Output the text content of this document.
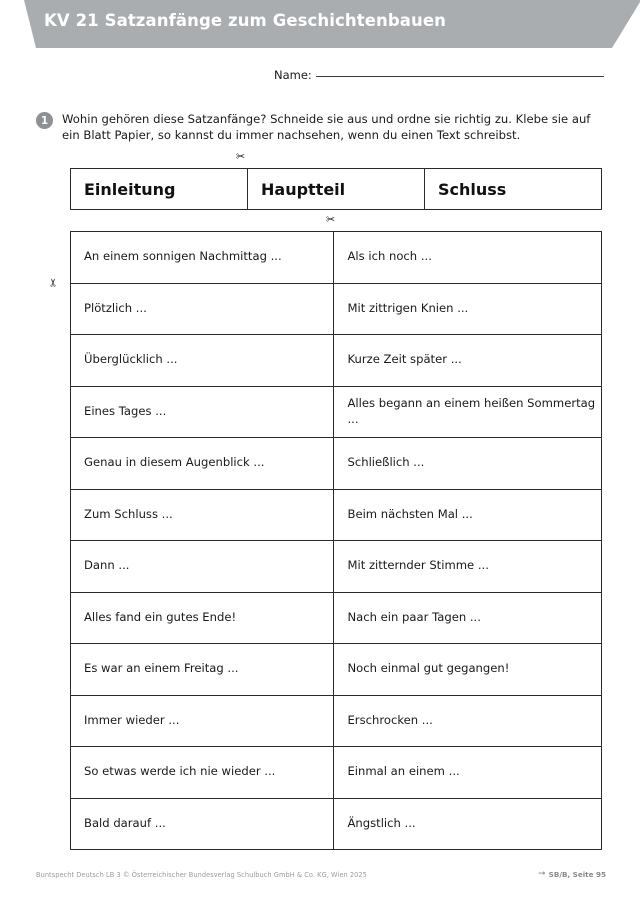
KV 21 Satzanfänge zum Geschichtenbauen
Name:
1	Wohin gehören diese Satzanfänge? Schneide sie aus und ordne sie richtig zu. Klebe sie auf ein Blatt Papier, so kannst du immer nachsehen, wenn du einen Text schreibst.
✂
✂
✂
Einleitung	Hauptteil	Schluss
An einem sonnigen Nachmittag ...	Als ich noch ...
Plötzlich ...	Mit zittrigen Knien ...
Überglücklich ...	Kurze Zeit später ...
Eines Tages ...	Alles begann an einem heißen Sommertag ...
Genau in diesem Augenblick ...	Schließlich ...
Zum Schluss ...	Beim nächsten Mal ...
Dann ...	Mit zitternder Stimme ...
Alles fand ein gutes Ende!	Nach ein paar Tagen ...
Es war an einem Freitag ...	Noch einmal gut gegangen!
Immer wieder ...	Erschrocken ...
So etwas werde ich nie wieder ...	Einmal an einem ...
Bald darauf ...	Ängstlich ...
Buntspecht Deutsch LB 3 © Österreichischer Bundesverlag Schulbuch GmbH & Co. KG, Wien 2025	➞ SB/B, Seite 95
